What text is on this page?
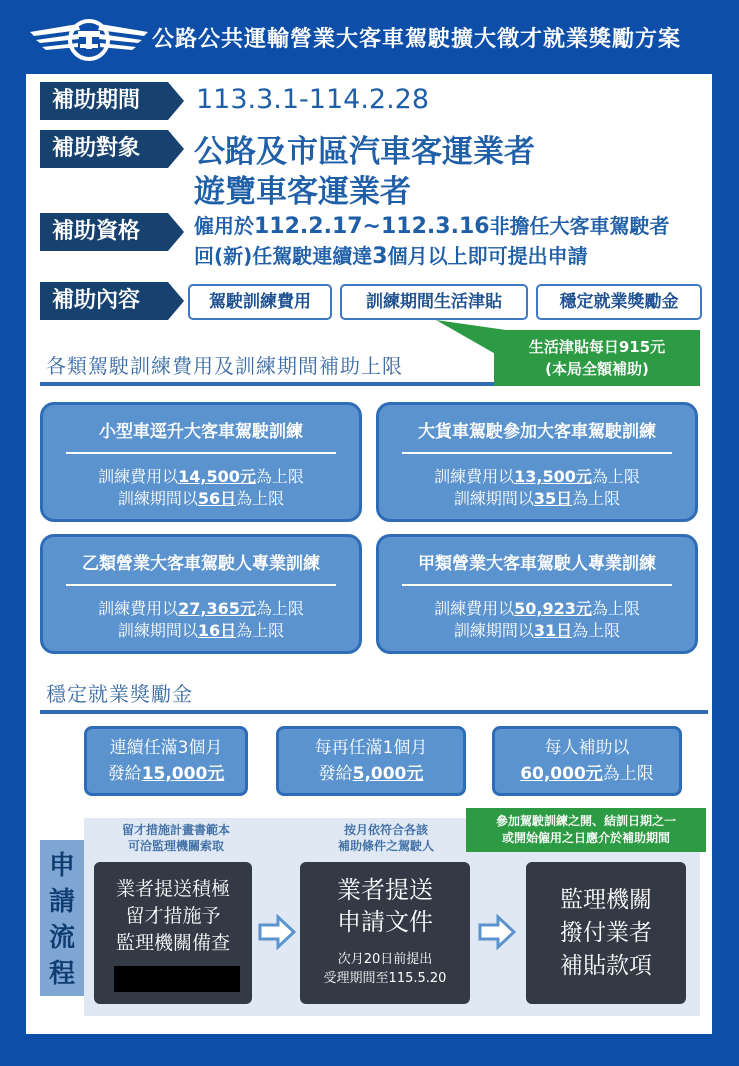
公路公共運輸營業大客車駕駛擴大徵才就業獎勵方案
補助期間	113.3.1-114.2.28
補助對象	公路及市區汽車客運業者
遊覽車客運業者
補助資格	僱用於112.2.17~112.3.16非擔任大客車駕駛者
回(新)任駕駛連續達3個月以上即可提出申請
補助內容	駕駛訓練費用	訓練期間生活津貼	穩定就業獎勵金
生活津貼每日915元
(本局全額補助)
各類駕駛訓練費用及訓練期間補助上限
小型車逕升大客車駕駛訓練
訓練費用以14,500元為上限
訓練期間以56日為上限
大貨車駕駛參加大客車駕駛訓練
訓練費用以13,500元為上限
訓練期間以35日為上限
乙類營業大客車駕駛人專業訓練
訓練費用以27,365元為上限
訓練期間以16日為上限
甲類營業大客車駕駛人專業訓練
訓練費用以50,923元為上限
訓練期間以31日為上限
穩定就業獎勵金
連續任滿3個月
發給15,000元
每再任滿1個月
發給5,000元
每人補助以
60,000元為上限
申
請
流
程
留才措施計畫書範本
可洽監理機關索取
按月依符合各該
補助條件之駕駛人
參加駕駛訓練之開、結訓日期之一
或開始僱用之日應介於補助期間
業者提送積極
留才措施予
監理機關備查
業者提送
申請文件
次月20日前提出
受理期間至115.5.20
監理機關
撥付業者
補貼款項
